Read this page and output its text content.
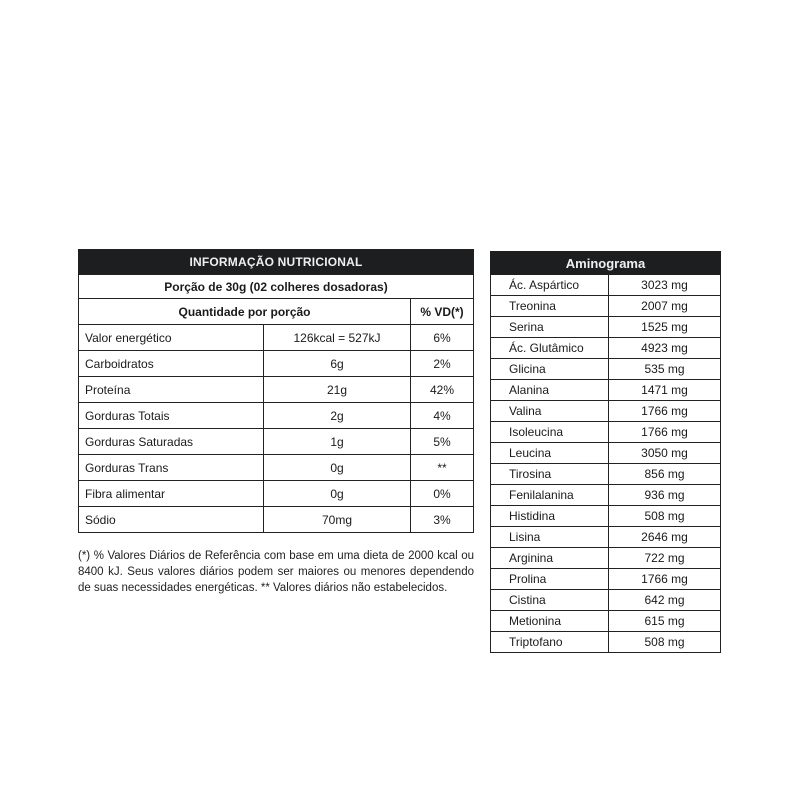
INFORMAÇÃO NUTRICIONAL		
Porção de 30g (02 colheres dosadoras)		
Quantidade por porção		% VD(*)
Valor energético	126kcal = 527kJ	6%
Carboidratos	6g	2%
Proteína	21g	42%
Gorduras Totais	2g	4%
Gorduras Saturadas	1g	5%
Gorduras Trans	0g	**
Fibra alimentar	0g	0%
Sódio	70mg	3%
(*) % Valores Diários de Referência com base em uma dieta de 2000 kcal ou 8400 kJ. Seus valores diários podem ser maiores ou menores dependendo de suas necessidades energéticas. ** Valores diários não estabelecidos.
Aminograma	
Ác. Aspártico	3023 mg
Treonina	2007 mg
Serina	1525 mg
Ác. Glutâmico	4923 mg
Glicina	535 mg
Alanina	1471 mg
Valina	1766 mg
Isoleucina	1766 mg
Leucina	3050 mg
Tirosina	856 mg
Fenilalanina	936 mg
Histidina	508 mg
Lisina	2646 mg
Arginina	722 mg
Prolina	1766 mg
Cistina	642 mg
Metionina	615 mg
Triptofano	508 mg
